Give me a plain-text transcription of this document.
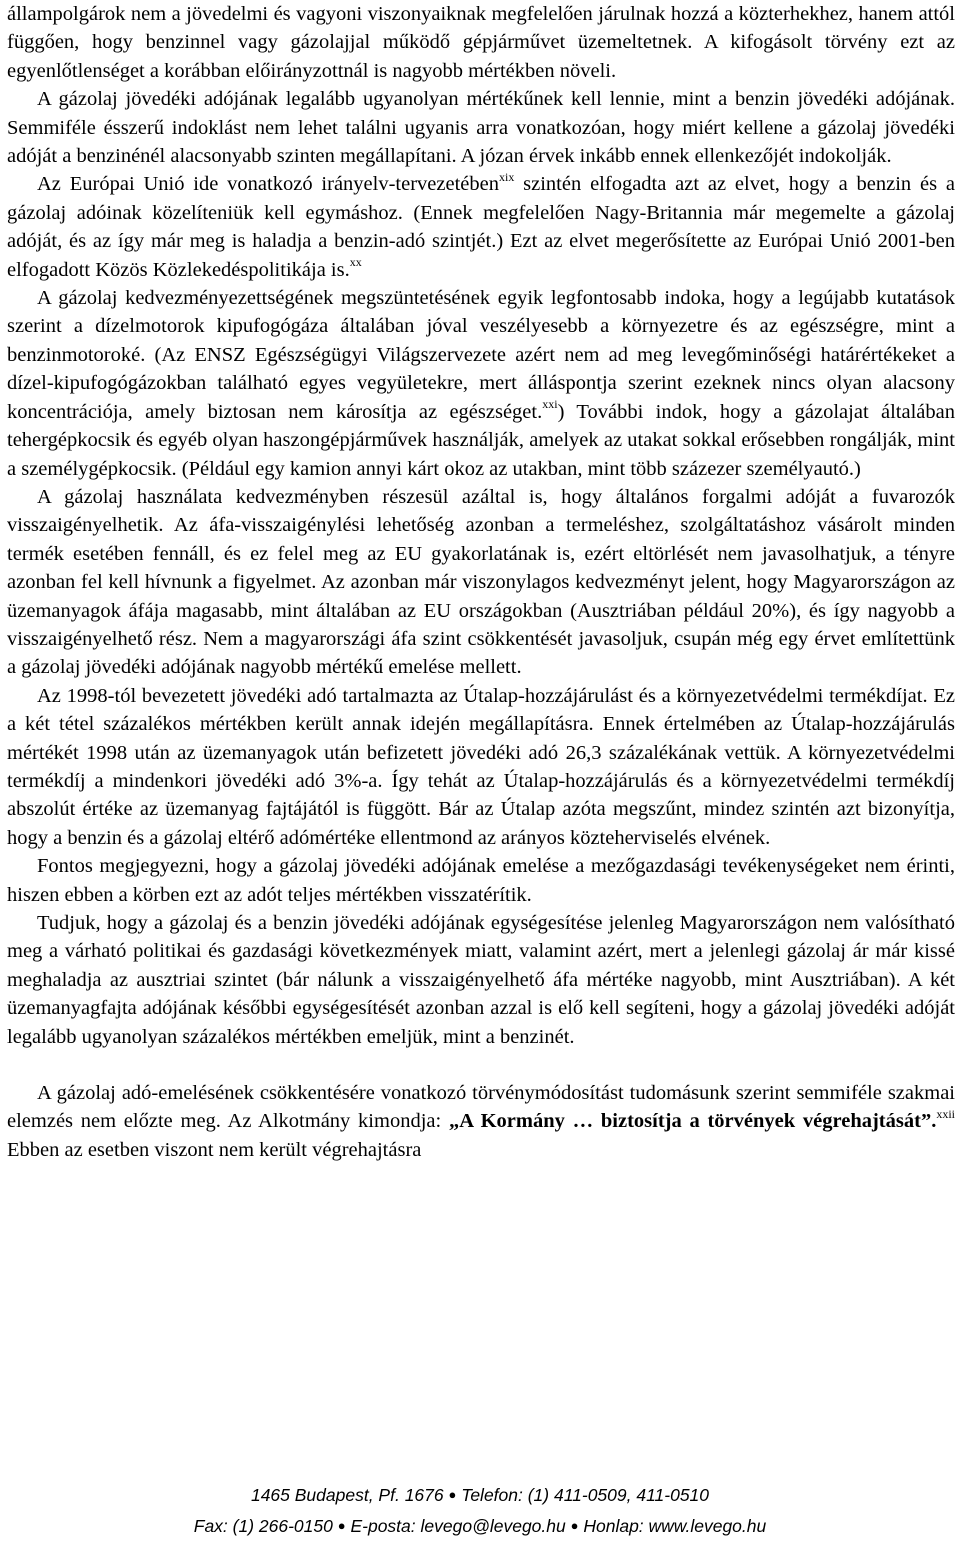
állampolgárok nem a jövedelmi és vagyoni viszonyaiknak megfelelően járulnak hozzá a közterhekhez, hanem attól függően, hogy benzinnel vagy gázolajjal működő gépjárművet üzemeltetnek. A kifogásolt törvény ezt az egyenlőtlenséget a korábban előirányzottnál is nagyobb mértékben növeli.

A gázolaj jövedéki adójának legalább ugyanolyan mértékűnek kell lennie, mint a benzin jövedéki adójának. Semmiféle ésszerű indoklást nem lehet találni ugyanis arra vonatkozóan, hogy miért kellene a gázolaj jövedéki adóját a benzinénél alacsonyabb szinten megállapítani. A józan érvek inkább ennek ellenkezőjét indokolják.

Az Európai Unió ide vonatkozó irányelv-tervezetében$^{xix}$ szintén elfogadta azt az elvet, hogy a benzin és a gázolaj adóinak közelíteniük kell egymáshoz. (Ennek megfelelően Nagy-Britannia már megemelte a gázolaj adóját, és az így már meg is haladja a benzin-adó szintjét.) Ezt az elvet megerősítette az Európai Unió 2001-ben elfogadott Közös Közlekedéspolitikája is.$^{xx}$

A gázolaj kedvezményezettségének megszüntetésének egyik legfontosabb indoka, hogy a legújabb kutatások szerint a dízelmotorok kipufogógáza általában jóval veszélyesebb a környezetre és az egészségre, mint a benzinmotoroké. (Az ENSZ Egészségügyi Világszervezete azért nem ad meg levegőminőségi határértékeket a dízel-kipufogógázokban található egyes vegyületekre, mert álláspontja szerint ezeknek nincs olyan alacsony koncentrációja, amely biztosan nem károsítja az egészséget.$^{xxi}$) További indok, hogy a gázolajat általában tehergépkocsik és egyéb olyan haszongépjárművek használják, amelyek az utakat sokkal erősebben rongálják, mint a személygépkocsik. (Például egy kamion annyi kárt okoz az utakban, mint több százezer személyautó.)

A gázolaj használata kedvezményben részesül azáltal is, hogy általános forgalmi adóját a fuvarozók visszaigényelhetik. Az áfa-visszaigénylési lehetőség azonban a termeléshez, szolgáltatáshoz vásárolt minden termék esetében fennáll, és ez felel meg az EU gyakorlatának is, ezért eltörlését nem javasolhatjuk, a tényre azonban fel kell hívnunk a figyelmet. Az azonban már viszonylagos kedvezményt jelent, hogy Magyarországon az üzemanyagok áfája magasabb, mint általában az EU országokban (Ausztriában például 20%), és így nagyobb a visszaigényelhető rész. Nem a magyarországi áfa szint csökkentését javasoljuk, csupán még egy érvet említettünk a gázolaj jövedéki adójának nagyobb mértékű emelése mellett.

Az 1998-tól bevezetett jövedéki adó tartalmazta az Útalap-hozzájárulást és a környezetvédelmi termékdíjat. Ez a két tétel százalékos mértékben került annak idején megállapításra. Ennek értelmében az Útalap-hozzájárulás mértékét 1998 után az üzemanyagok után befizetett jövedéki adó 26,3 százalékának vettük. A környezetvédelmi termékdíj a mindenkori jövedéki adó 3%-a. Így tehát az Útalap-hozzájárulás és a környezetvédelmi termékdíj abszolút értéke az üzemanyag fajtájától is függött. Bár az Útalap azóta megszűnt, mindez szintén azt bizonyítja, hogy a benzin és a gázolaj eltérő adómértéke ellentmond az arányos közteherviselés elvének.

Fontos megjegyezni, hogy a gázolaj jövedéki adójának emelése a mezőgazdasági tevékenységeket nem érinti, hiszen ebben a körben ezt az adót teljes mértékben visszatérítik.

Tudjuk, hogy a gázolaj és a benzin jövedéki adójának egységesítése jelenleg Magyarországon nem valósítható meg a várható politikai és gazdasági következmények miatt, valamint azért, mert a jelenlegi gázolaj ár már kissé meghaladja az ausztriai szintet (bár nálunk a visszaigényelhető áfa mértéke nagyobb, mint Ausztriában). A két üzemanyagfajta adójának későbbi egységesítését azonban azzal is elő kell segíteni, hogy a gázolaj jövedéki adóját legalább ugyanolyan százalékos mértékben emeljük, mint a benzinét.

A gázolaj adó-emelésének csökkentésére vonatkozó törvénymódosítást tudomásunk szerint semmiféle szakmai elemzés nem előzte meg. Az Alkotmány kimondja: „A Kormány … biztosítja a törvények végrehajtását”.$^{xxii}$ Ebben az esetben viszont nem került végrehajtásra

1465 Budapest, Pf. 1676 ● Telefon: (1) 411-0509, 411-0510
Fax: (1) 266-0150 ● E-posta: levego@levego.hu ● Honlap: www.levego.hu
